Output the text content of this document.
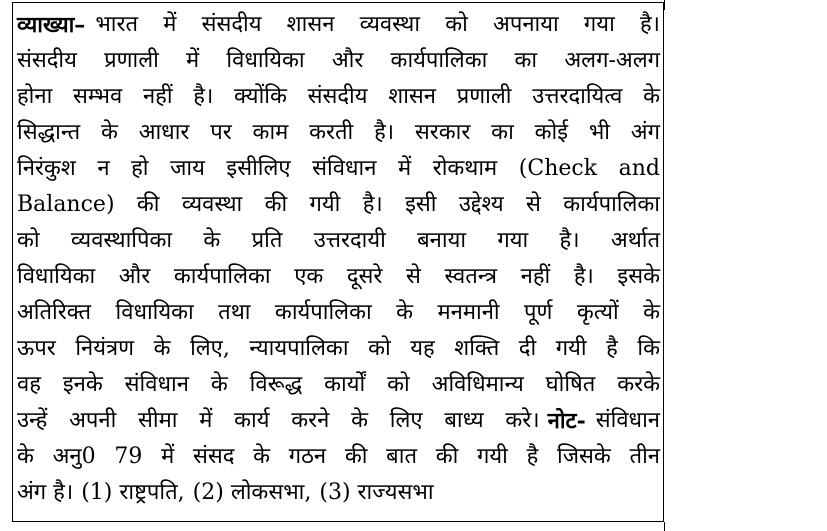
व्याख्या– भारत में संसदीय शासन व्यवस्था को अपनाया गया है।
संसदीय प्रणाली में विधायिका और कार्यपालिका का अलग-अलग
होना सम्भव नहीं है। क्योंकि संसदीय शासन प्रणाली उत्तरदायित्व के
सिद्धान्त के आधार पर काम करती है। सरकार का कोई भी अंग
निरंकुश न हो जाय इसीलिए संविधान में रोकथाम (Check and
Balance) की व्यवस्था की गयी है। इसी उद्देश्य से कार्यपालिका
को व्यवस्थापिका के प्रति उत्तरदायी बनाया गया है। अर्थात
विधायिका और कार्यपालिका एक दूसरे से स्वतन्त्र नहीं है। इसके
अतिरिक्त विधायिका तथा कार्यपालिका के मनमानी पूर्ण कृत्यों के
ऊपर नियंत्रण के लिए, न्यायपालिका को यह शक्ति दी गयी है कि
वह इनके संविधान के विरूद्ध कार्यों को अविधिमान्य घोषित करके
उन्हें अपनी सीमा में कार्य करने के लिए बाध्य करे। नोट- संविधान
के अनु0 79 में संसद के गठन की बात की गयी है जिसके तीन
अंग है। (1) राष्ट्रपति, (2) लोकसभा, (3) राज्यसभा
